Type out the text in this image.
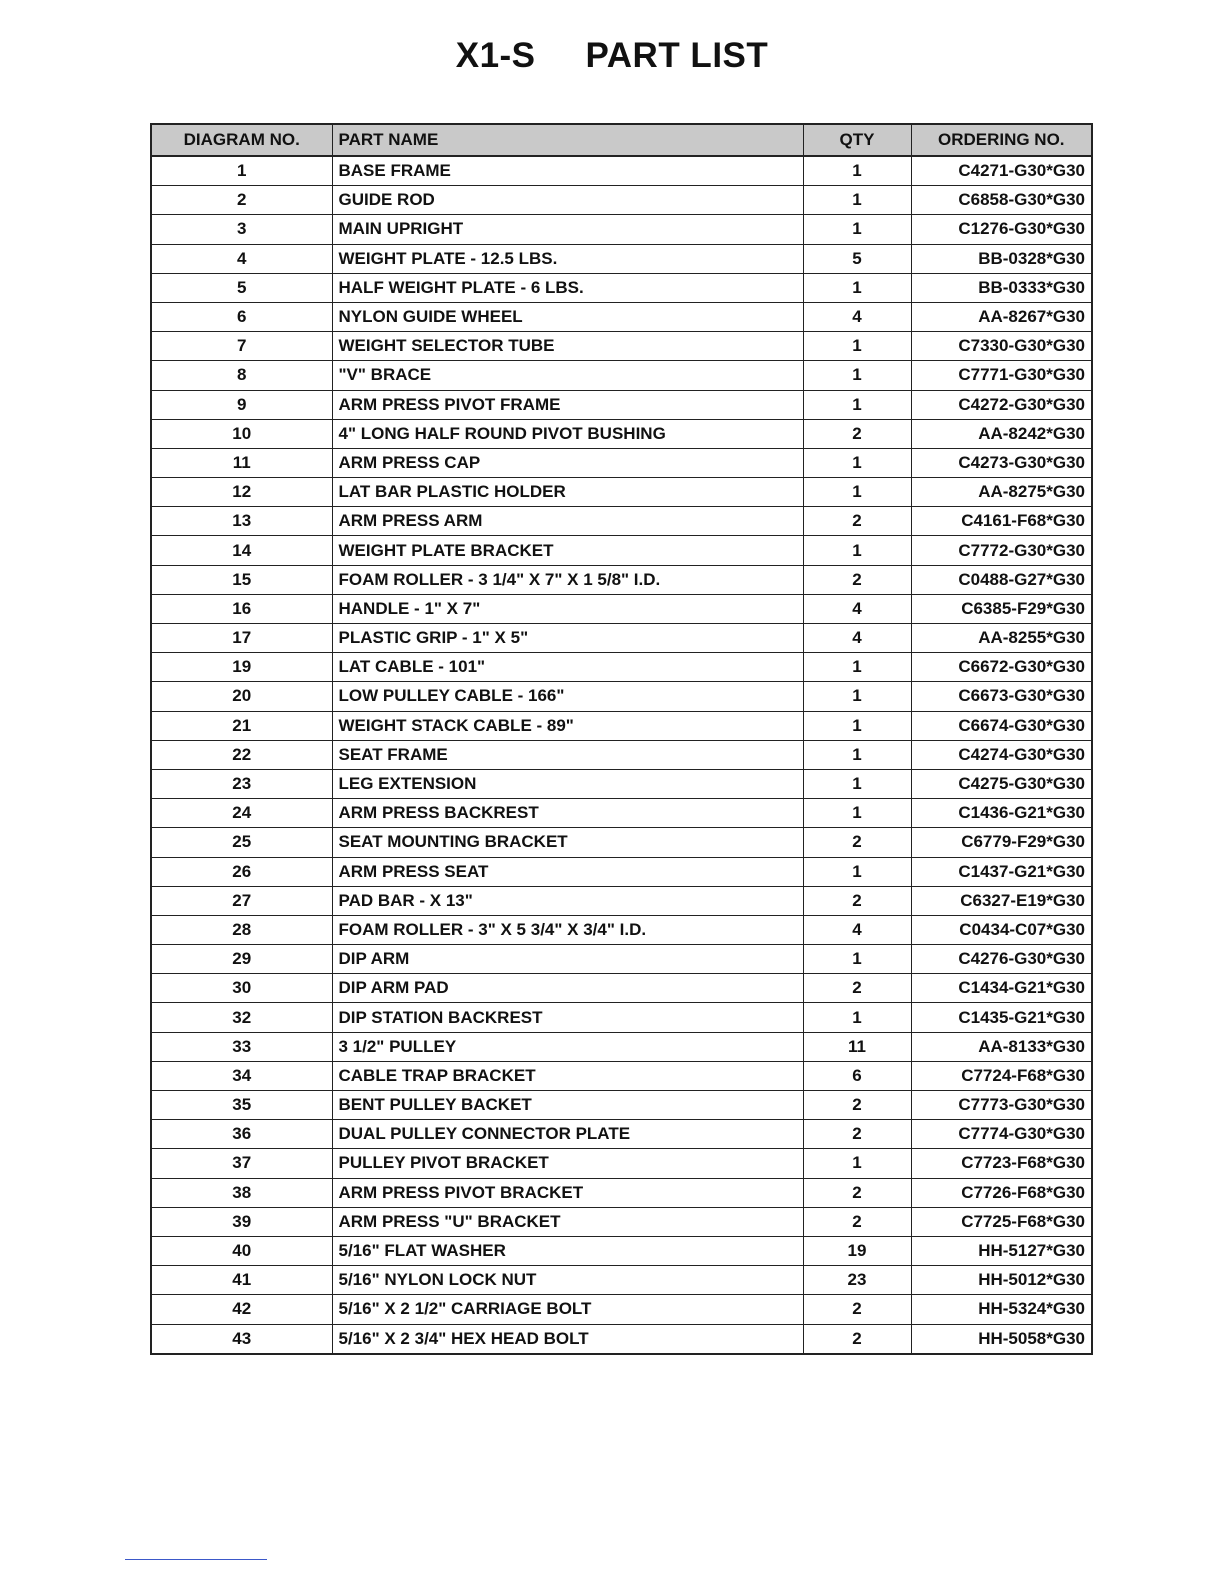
X1-S PART LIST
DIAGRAM NO.	PART NAME	QTY	ORDERING NO.
1	BASE FRAME	1	C4271-G30*G30
2	GUIDE ROD	1	C6858-G30*G30
3	MAIN UPRIGHT	1	C1276-G30*G30
4	WEIGHT PLATE - 12.5 LBS.	5	BB-0328*G30
5	HALF WEIGHT PLATE - 6 LBS.	1	BB-0333*G30
6	NYLON GUIDE WHEEL	4	AA-8267*G30
7	WEIGHT SELECTOR TUBE	1	C7330-G30*G30
8	"V" BRACE	1	C7771-G30*G30
9	ARM PRESS PIVOT FRAME	1	C4272-G30*G30
10	4" LONG HALF ROUND PIVOT BUSHING	2	AA-8242*G30
11	ARM PRESS CAP	1	C4273-G30*G30
12	LAT BAR PLASTIC HOLDER	1	AA-8275*G30
13	ARM PRESS ARM	2	C4161-F68*G30
14	WEIGHT PLATE BRACKET	1	C7772-G30*G30
15	FOAM ROLLER - 3 1/4" X 7" X 1 5/8" I.D.	2	C0488-G27*G30
16	HANDLE - 1" X 7"	4	C6385-F29*G30
17	PLASTIC GRIP - 1" X 5"	4	AA-8255*G30
19	LAT CABLE - 101"	1	C6672-G30*G30
20	LOW PULLEY CABLE - 166"	1	C6673-G30*G30
21	WEIGHT STACK CABLE - 89"	1	C6674-G30*G30
22	SEAT FRAME	1	C4274-G30*G30
23	LEG EXTENSION	1	C4275-G30*G30
24	ARM PRESS BACKREST	1	C1436-G21*G30
25	SEAT MOUNTING BRACKET	2	C6779-F29*G30
26	ARM PRESS SEAT	1	C1437-G21*G30
27	PAD BAR - X 13"	2	C6327-E19*G30
28	FOAM ROLLER - 3" X 5 3/4" X 3/4" I.D.	4	C0434-C07*G30
29	DIP ARM	1	C4276-G30*G30
30	DIP ARM PAD	2	C1434-G21*G30
32	DIP STATION BACKREST	1	C1435-G21*G30
33	3 1/2" PULLEY	11	AA-8133*G30
34	CABLE TRAP BRACKET	6	C7724-F68*G30
35	BENT PULLEY BACKET	2	C7773-G30*G30
36	DUAL PULLEY CONNECTOR PLATE	2	C7774-G30*G30
37	PULLEY PIVOT BRACKET	1	C7723-F68*G30
38	ARM PRESS PIVOT BRACKET	2	C7726-F68*G30
39	ARM PRESS "U" BRACKET	2	C7725-F68*G30
40	5/16" FLAT WASHER	19	HH-5127*G30
41	5/16" NYLON LOCK NUT	23	HH-5012*G30
42	5/16" X 2 1/2" CARRIAGE BOLT	2	HH-5324*G30
43	5/16" X 2 3/4" HEX HEAD BOLT	2	HH-5058*G30
